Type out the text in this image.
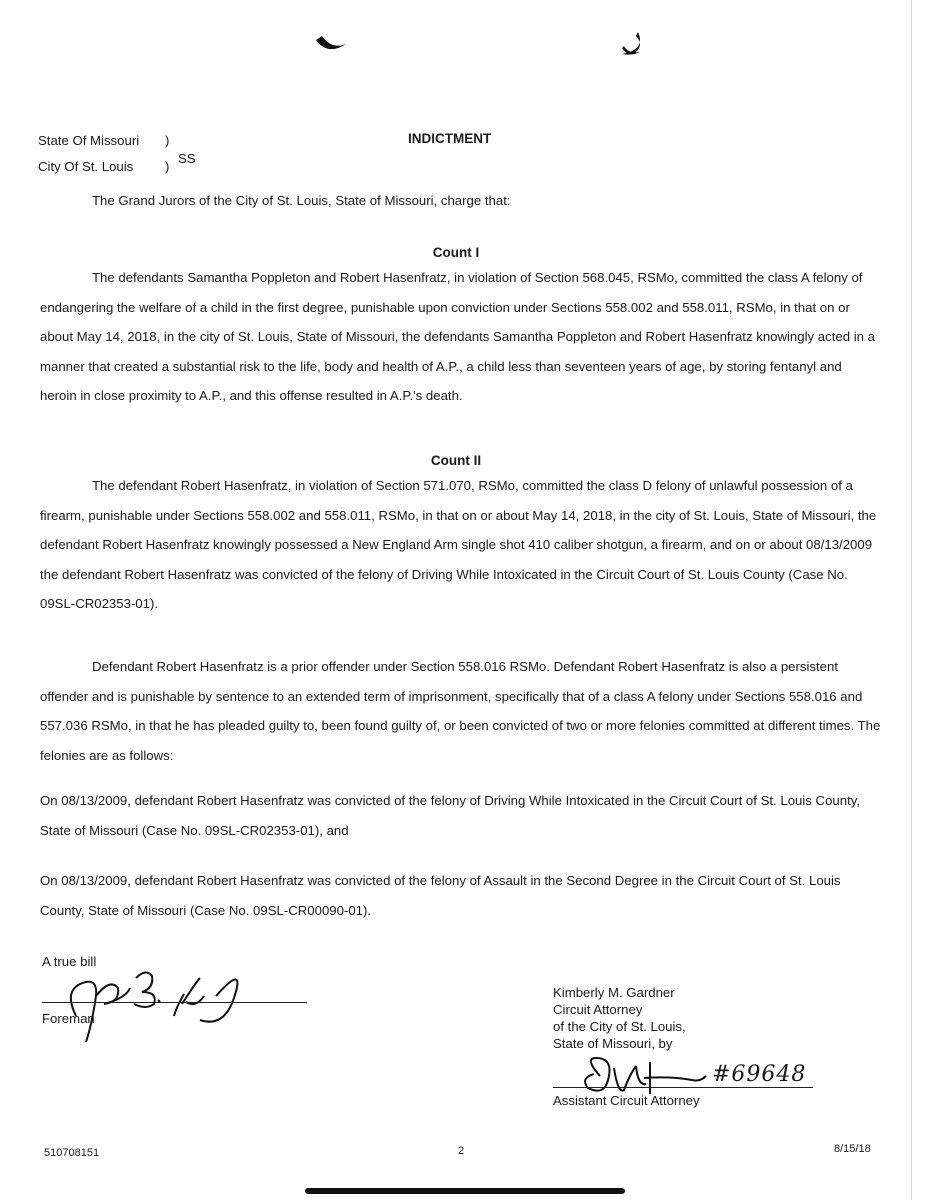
State Of Missouri )
City Of St. Louis )
SS
INDICTMENT
The Grand Jurors of the City of St. Louis, State of Missouri, charge that:
Count I

The defendants Samantha Poppleton and Robert Hasenfratz, in violation of Section 568.045, RSMo, committed the class A felony of endangering the welfare of a child in the first degree, punishable upon conviction under Sections 558.002 and 558.011, RSMo, in that on or about May 14, 2018, in the city of St. Louis, State of Missouri, the defendants Samantha Poppleton and Robert Hasenfratz knowingly acted in a manner that created a substantial risk to the life, body and health of A.P., a child less than seventeen years of age, by storing fentanyl and heroin in close proximity to A.P., and this offense resulted in A.P.'s death.

Count II

The defendant Robert Hasenfratz, in violation of Section 571.070, RSMo, committed the class D felony of unlawful possession of a firearm, punishable under Sections 558.002 and 558.011, RSMo, in that on or about May 14, 2018, in the city of St. Louis, State of Missouri, the defendant Robert Hasenfratz knowingly possessed a New England Arm single shot 410 caliber shotgun, a firearm, and on or about 08/13/2009 the defendant Robert Hasenfratz was convicted of the felony of Driving While Intoxicated in the Circuit Court of St. Louis County (Case No. 09SL-CR02353-01).

Defendant Robert Hasenfratz is a prior offender under Section 558.016 RSMo. Defendant Robert Hasenfratz is also a persistent offender and is punishable by sentence to an extended term of imprisonment, specifically that of a class A felony under Sections 558.016 and 557.036 RSMo, in that he has pleaded guilty to, been found guilty of, or been convicted of two or more felonies committed at different times. The felonies are as follows:

On 08/13/2009, defendant Robert Hasenfratz was convicted of the felony of Driving While Intoxicated in the Circuit Court of St. Louis County, State of Missouri (Case No. 09SL-CR02353-01), and

On 08/13/2009, defendant Robert Hasenfratz was convicted of the felony of Assault in the Second Degree in the Circuit Court of St. Louis County, State of Missouri (Case No. 09SL-CR00090-01).

A true bill
Foreman
Kimberly M. Gardner
Circuit Attorney
of the City of St. Louis,
State of Missouri, by
#69648
Assistant Circuit Attorney
510708151	2	8/15/18
